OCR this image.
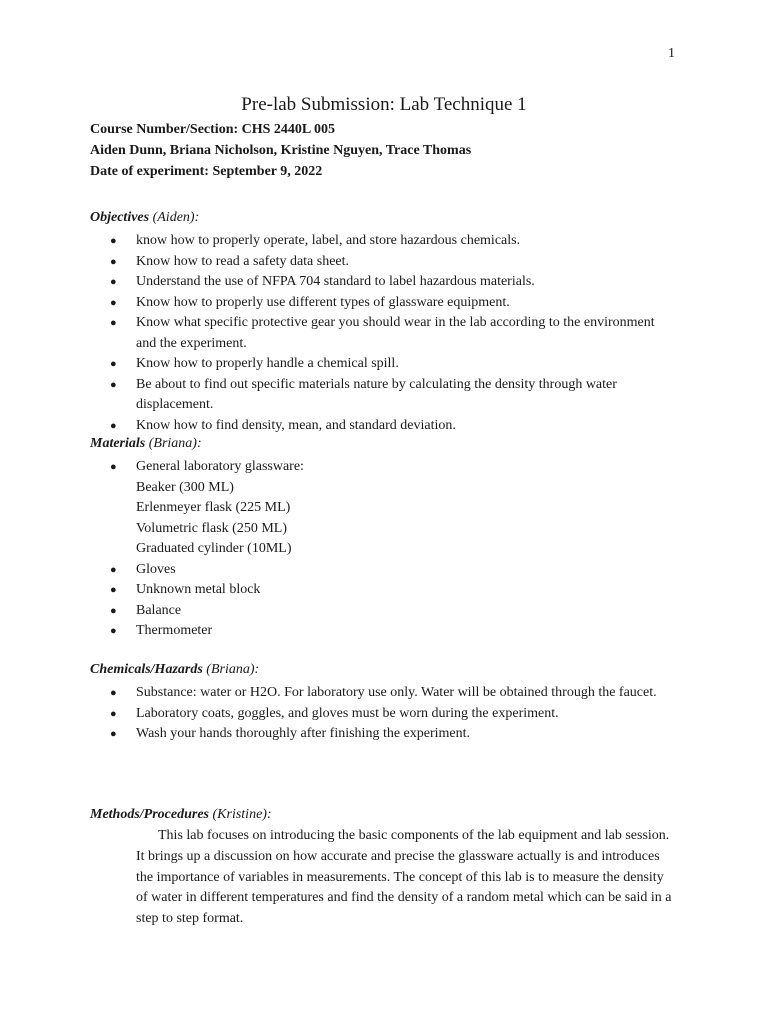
1
Pre-lab Submission: Lab Technique 1
Course Number/Section: CHS 2440L 005
Aiden Dunn, Briana Nicholson, Kristine Nguyen, Trace Thomas
Date of experiment: September 9, 2022
Objectives (Aiden):
● know how to properly operate, label, and store hazardous chemicals.
● Know how to read a safety data sheet.
● Understand the use of NFPA 704 standard to label hazardous materials.
● Know how to properly use different types of glassware equipment.
● Know what specific protective gear you should wear in the lab according to the environment and the experiment.
● Know how to properly handle a chemical spill.
● Be about to find out specific materials nature by calculating the density through water displacement.
● Know how to find density, mean, and standard deviation.
Materials (Briana):
● General laboratory glassware:
Beaker (300 ML)
Erlenmeyer flask (225 ML)
Volumetric flask (250 ML)
Graduated cylinder (10ML)
● Gloves
● Unknown metal block
● Balance
● Thermometer
Chemicals/Hazards (Briana):
● Substance: water or H2O. For laboratory use only. Water will be obtained through the faucet.
● Laboratory coats, goggles, and gloves must be worn during the experiment.
● Wash your hands thoroughly after finishing the experiment.
Methods/Procedures (Kristine):
This lab focuses on introducing the basic components of the lab equipment and lab session. It brings up a discussion on how accurate and precise the glassware actually is and introduces the importance of variables in measurements. The concept of this lab is to measure the density of water in different temperatures and find the density of a random metal which can be said in a step to step format.
